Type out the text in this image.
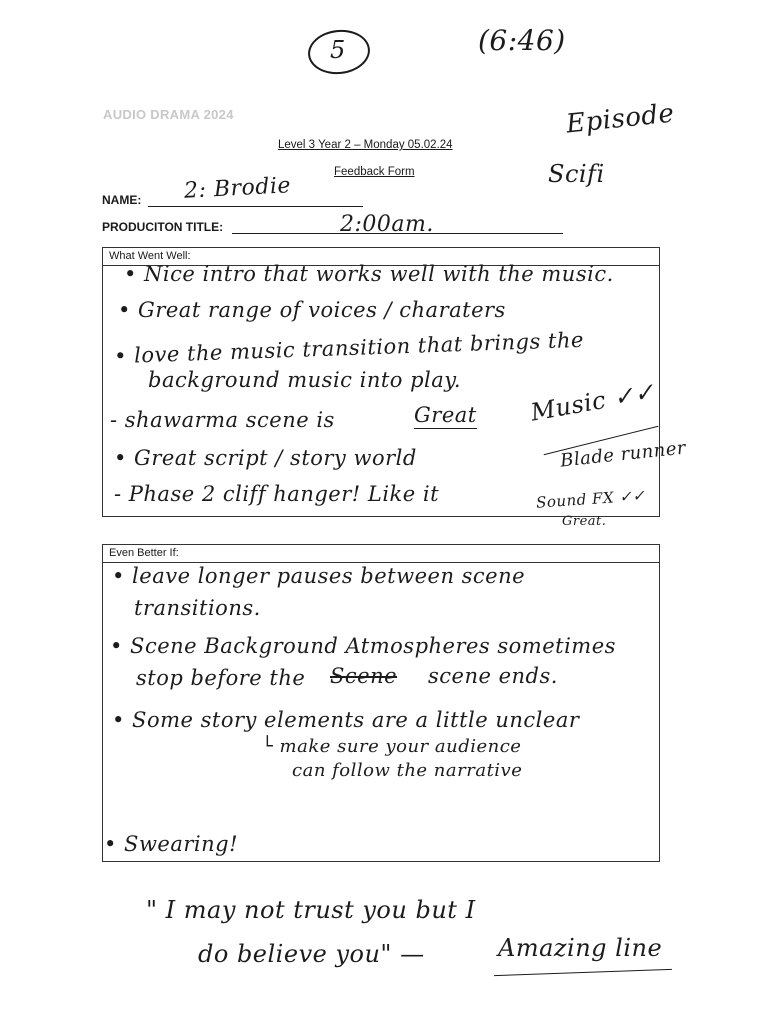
5	(6:46)
Episode
Scifi
AUDIO DRAMA 2024
Level 3 Year 2 – Monday 05.02.24
Feedback Form
NAME: 2: Brodie
PRODUCITON TITLE:	2:00am.
What Went Well:
• Nice intro that works well with the music.
• Great range of voices / charaters
• love the music transition that brings the
background music into play.
- shawarma scene is	Great
• Great script / story world
- Phase 2 cliff hanger! Like it
Music ✓✓
Blade runner
Sound FX ✓✓
Great.
Even Better If:
• leave longer pauses between scene
transitions.
• Scene Background Atmospheres sometimes
stop before the Scene scene ends.
• Some story elements are a little unclear
└ make sure your audience
can follow the narrative
• Swearing!
" I may not trust you but I
do believe you" —	Amazing line
